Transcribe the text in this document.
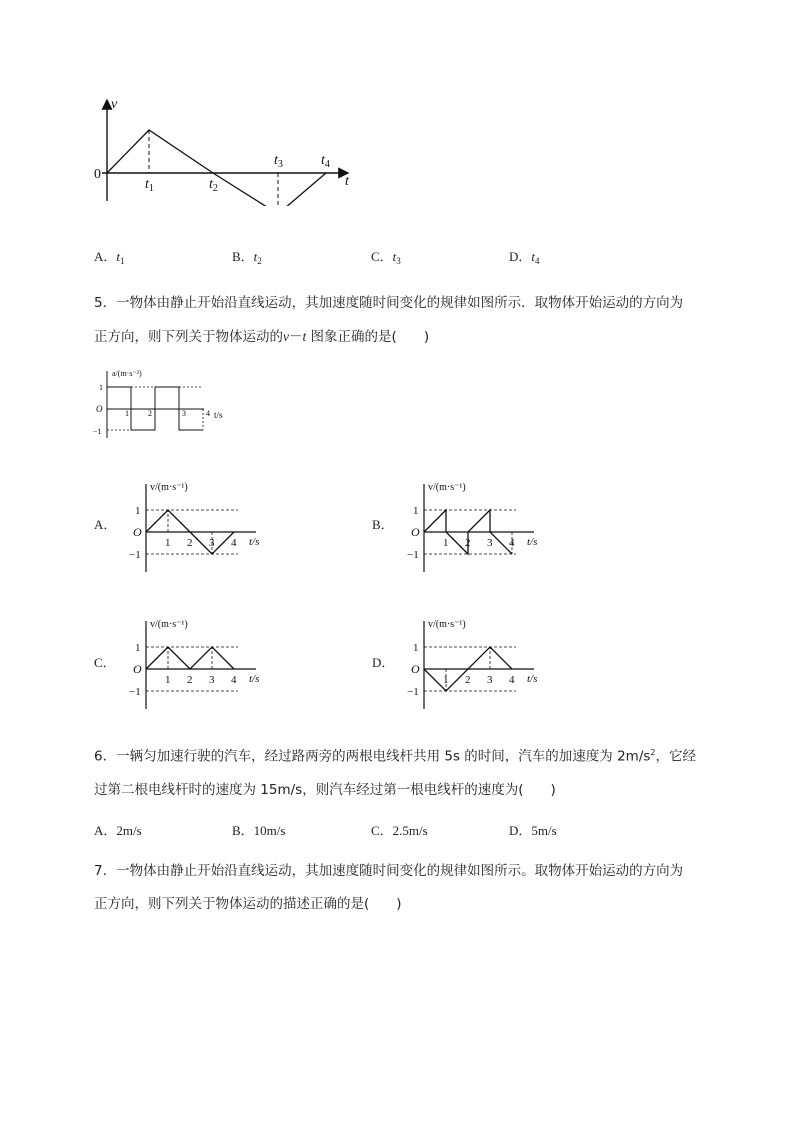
v
t
0
$t_1$	$t_2$
$t_3$	$t_4$
A．$t_1$	B．$t_2$	C．$t_3$	D．$t_4$
5．一物体由静止开始沿直线运动，其加速度随时间变化的规律如图所示．取物体开始运动的方向为
正方向，则下列关于物体运动的v－t 图象正确的是(　　)
a/(m·s⁻²)
t/s
O
1
−1
1 2	3	4
A．
v/(m·s⁻¹)
t/s
O
1
−1
1 2 3 4
B．
v/(m·s⁻¹)
t/s
O
1
−1
1 2 3 4
C．
v/(m·s⁻¹)
t/s
O
1
−1
1 2 3 4
D．
v/(m·s⁻¹)
t/s
O
1
−1
1 2 3 4
6．一辆匀加速行驶的汽车，经过路两旁的两根电线杆共用 5s 的时间，汽车的加速度为 $2m/s^2$，它经
过第二根电线杆时的速度为 15m/s，则汽车经过第一根电线杆的速度为(　　)
A．2m/s	B．10m/s	C．2.5m/s	D．5m/s
7．一物体由静止开始沿直线运动，其加速度随时间变化的规律如图所示。取物体开始运动的方向为
正方向，则下列关于物体运动的描述正确的是(　　)
